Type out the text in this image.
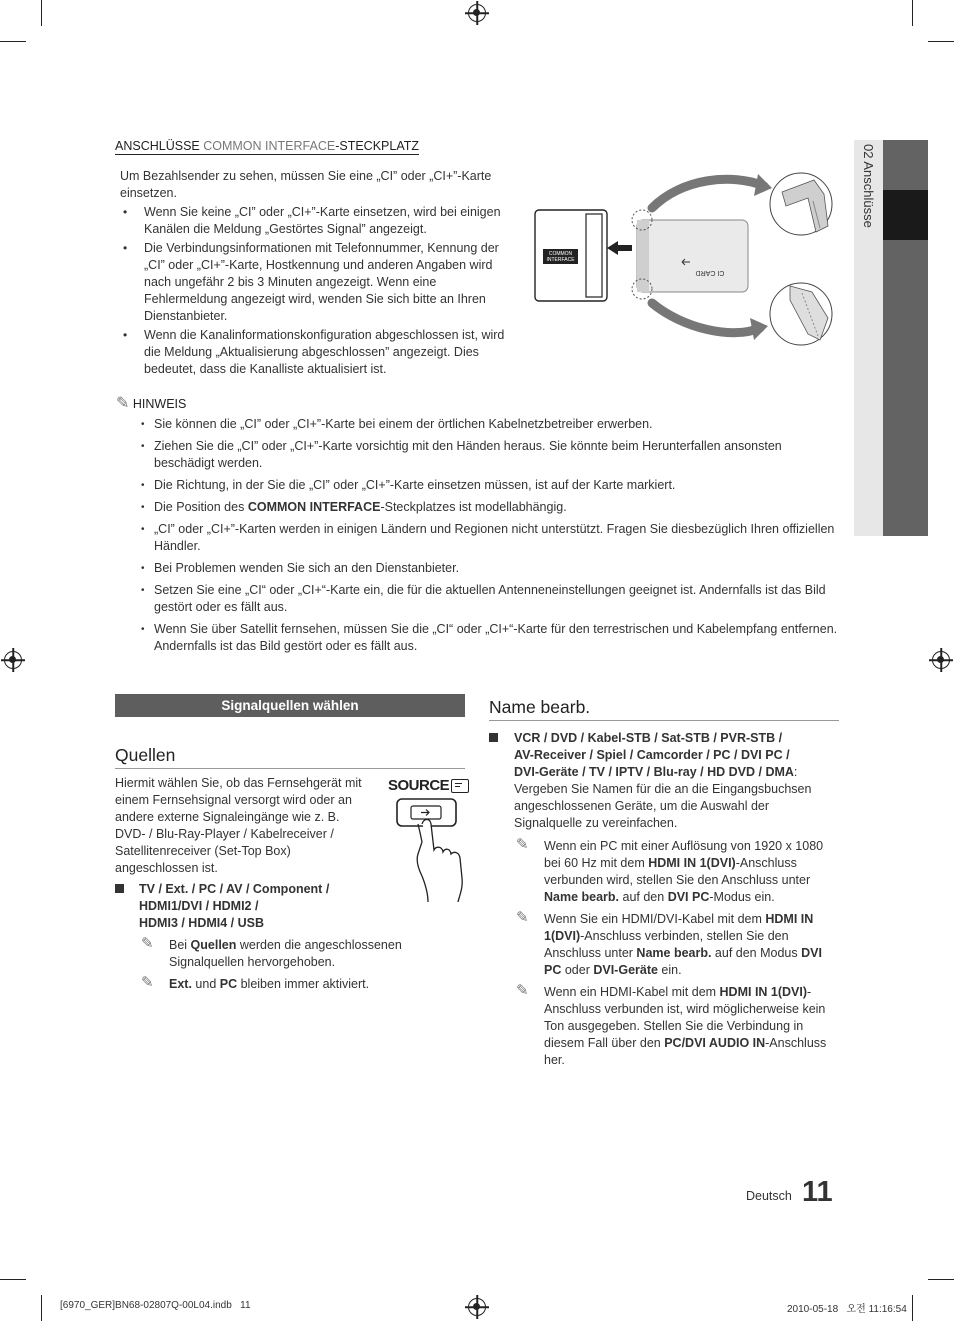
02 Anschlüsse
ANSCHLÜSSE COMMON INTERFACE-STECKPLATZ
Um Bezahlsender zu sehen, müssen Sie eine „CI” oder „CI+”-Karte einsetzen.
• Wenn Sie keine „CI” oder „CI+”-Karte einsetzen, wird bei einigen Kanälen die Meldung „Gestörtes Signal” angezeigt.
• Die Verbindungsinformationen mit Telefonnummer, Kennung der „CI” oder „CI+”-Karte, Hostkennung und anderen Angaben wird nach ungefähr 2 bis 3 Minuten angezeigt. Wenn eine Fehlermeldung angezeigt wird, wenden Sie sich bitte an Ihren Dienstanbieter.
• Wenn die Kanalinformationskonfiguration abgeschlossen ist, wird die Meldung „Aktualisierung abgeschlossen” angezeigt. Dies bedeutet, dass die Kanalliste aktualisiert ist.
COMMON
INTERFACE
CI CARD
✎ HINWEIS
• Sie können die „CI” oder „CI+”-Karte bei einem der örtlichen Kabelnetzbetreiber erwerben.
• Ziehen Sie die „CI” oder „CI+”-Karte vorsichtig mit den Händen heraus. Sie könnte beim Herunterfallen ansonsten beschädigt werden.
• Die Richtung, in der Sie die „CI” oder „CI+”-Karte einsetzen müssen, ist auf der Karte markiert.
• Die Position des COMMON INTERFACE-Steckplatzes ist modellabhängig.
• „CI” oder „CI+”-Karten werden in einigen Ländern und Regionen nicht unterstützt. Fragen Sie diesbezüglich Ihren offiziellen Händler.
• Bei Problemen wenden Sie sich an den Dienstanbieter.
• Setzen Sie eine „CI“ oder „CI+“-Karte ein, die für die aktuellen Antenneneinstellungen geeignet ist. Andernfalls ist das Bild gestört oder es fällt aus.
• Wenn Sie über Satellit fernsehen, müssen Sie die „CI“ oder „CI+“-Karte für den terrestrischen und Kabelempfang entfernen. Andernfalls ist das Bild gestört oder es fällt aus.
Signalquellen wählen
Quellen
Hiermit wählen Sie, ob das Fernsehgerät mit einem Fernsehsignal versorgt wird oder an andere externe Signaleingänge wie z. B. DVD- / Blu-Ray-Player / Kabelreceiver / Satellitenreceiver (Set-Top Box) angeschlossen ist.
SOURCE
TV / Ext. / PC / AV / Component /
HDMI1/DVI / HDMI2 /
HDMI3 / HDMI4 / USB
✎ Bei Quellen werden die angeschlossenen Signalquellen hervorgehoben.
✎ Ext. und PC bleiben immer aktiviert.
Name bearb.
VCR / DVD / Kabel-STB / Sat-STB / PVR-STB /
AV-Receiver / Spiel / Camcorder / PC / DVI PC /
DVI-Geräte / TV / IPTV / Blu-ray / HD DVD / DMA: Vergeben Sie Namen für die an die Eingangsbuchsen angeschlossenen Geräte, um die Auswahl der Signalquelle zu vereinfachen.
✎ Wenn ein PC mit einer Auflösung von 1920 x 1080 bei 60 Hz mit dem HDMI IN 1(DVI)-Anschluss verbunden wird, stellen Sie den Anschluss unter Name bearb. auf den DVI PC-Modus ein.
✎ Wenn Sie ein HDMI/DVI-Kabel mit dem HDMI IN 1(DVI)-Anschluss verbinden, stellen Sie den Anschluss unter Name bearb. auf den Modus DVI PC oder DVI-Geräte ein.
✎ Wenn ein HDMI-Kabel mit dem HDMI IN 1(DVI)-Anschluss verbunden ist, wird möglicherweise kein Ton ausgegeben. Stellen Sie die Verbindung in diesem Fall über den PC/DVI AUDIO IN-Anschluss her.
Deutsch 11
[6970_GER]BN68-02807Q-00L04.indb   11	2010-05-18   오전 11:16:54
